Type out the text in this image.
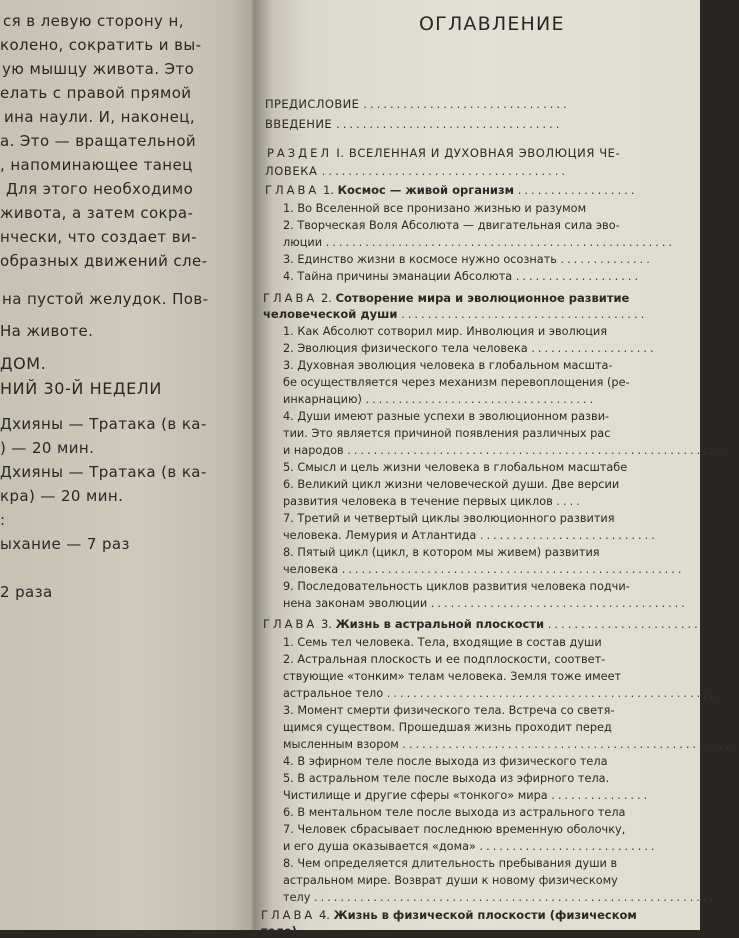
ся в левую сторону н,
колено, сократить и вы-
ую мышцу живота. Это
елать с правой прямой
ина наули. И, наконец,
а. Это — вращательной
, напоминающее танец
Для этого необходимо
живота, а затем сокра-
нчески, что создает ви-
образных движений сле-
на пустой желудок. Пов-
На животе.
ДОМ.
НИЙ 30-Й НЕДЕЛИ
Дхияны — Тратака (в ка-
) — 20 мин.
Дхияны — Тратака (в ка-
кра) — 20 мин.
:
ыхание — 7 раз
2 раза
ОГЛАВЛЕНИЕ
ПРЕДИСЛОВИЕ ...............................
ВВЕДЕНИЕ ..................................
РАЗДЕЛ I. ВСЕЛЕННАЯ И ДУХОВНАЯ ЭВОЛЮЦИЯ ЧЕ-
ЛОВЕКА .....................................
ГЛАВА 1. Космос — живой организм ..................
1. Во Вселенной все пронизано жизнью и разумом
2. Творческая Воля Абсолюта — двигательная сила эво-
люции .....................................................
3. Единство жизни в космосе нужно осознать ..............
4. Тайна причины эманации Абсолюта ...................
ГЛАВА 2. Сотворение мира и эволюционное развитие
человеческой души .....................................
1. Как Абсолют сотворил мир. Инволюция и эволюция
2. Эволюция физического тела человека ...................
3. Духовная эволюция человека в глобальном масшта-
бе осуществляется через механизм перевоплощения (ре-
инкарнацию) ...................................
4. Души имеют разные успехи в эволюционном разви-
тии. Это является причиной появления различных рас
и народов ..........................................................
5. Смысл и цель жизни человека в глобальном масштабе
6. Великий цикл жизни человеческой души. Две версии
развития человека в течение первых циклов ....
7. Третий и четвертый циклы эволюционного развития
человека. Лемурия и Атлантида ...........................
8. Пятый цикл (цикл, в котором мы живем) развития
человека ....................................................
9. Последовательность циклов развития человека подчи-
нена законам эволюции .......................................
ГЛАВА 3. Жизнь в астральной плоскости .......................
1. Семь тел человека. Тела, входящие в состав души
2. Астральная плоскость и ее подплоскости, соответ-
ствующие «тонким» телам человека. Земля тоже имеет
астральное тело ..................................................
3. Момент смерти физического тела. Встреча со светя-
щимся существом. Прошедшая жизнь проходит перед
мысленным взором ...................................................
4. В эфирном теле после выхода из физического тела
5. В астральном теле после выхода из эфирного тела.
Чистилище и другие сферы «тонкого» мира ...............
6. В ментальном теле после выхода из астрального тела
7. Человек сбрасывает последнюю временную оболочку,
и его душа оказывается «дома» ...........................
8. Чем определяется длительность пребывания души в
астральном мире. Возврат души к новому физическому
телу .............................................................
ГЛАВА 4. Жизнь в физической плоскости (физическом
теле)
